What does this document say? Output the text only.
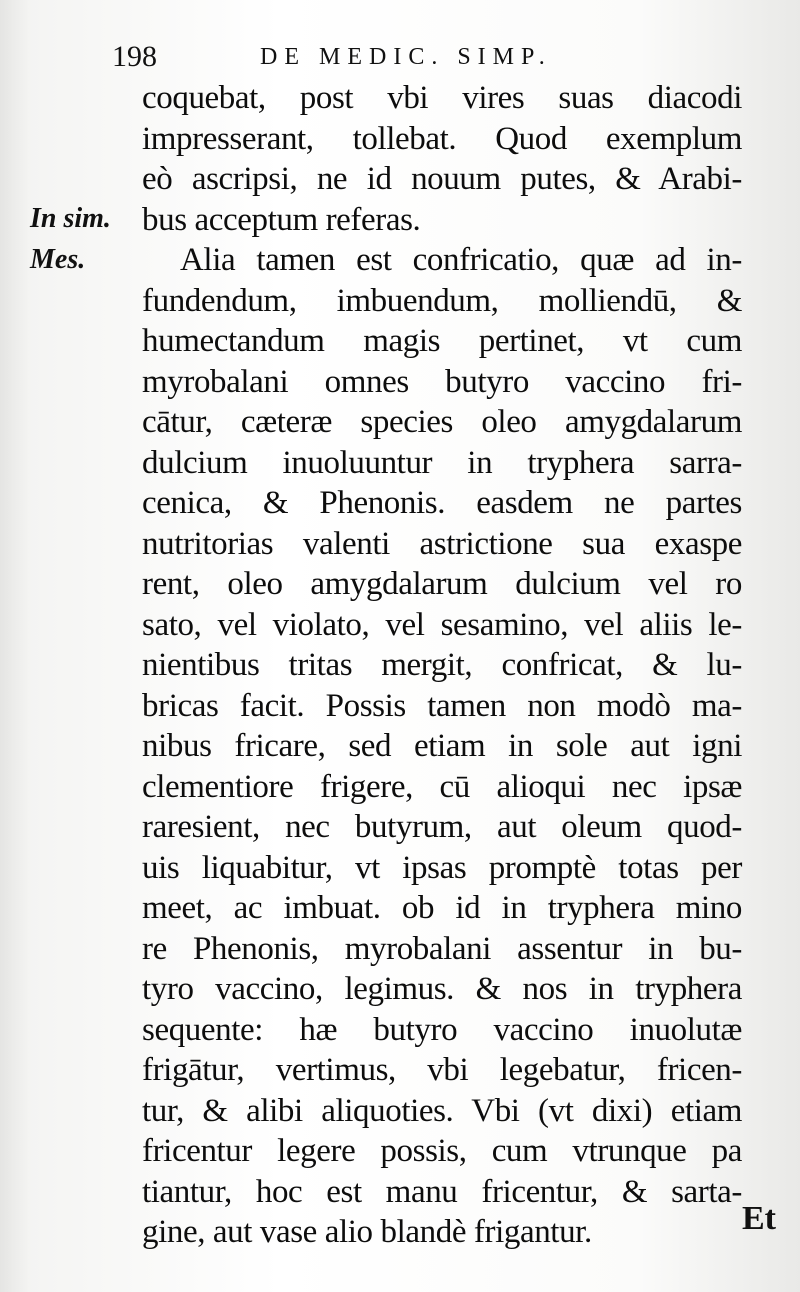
198	DE MEDIC. SIMP.
In sim.
Mes.
coquebat, post vbi vires suas diacodi
impresserant, tollebat. Quod exemplum
eò ascripsi, ne id nouum putes, & Arabi-
bus acceptum referas.
Alia tamen est confricatio, quæ ad in-
fundendum, imbuendum, molliendū, &
humectandum magis pertinet, vt cum
myrobalani omnes butyro vaccino fri-
cātur, cæteræ species oleo amygdalarum
dulcium inuoluuntur in tryphera sarra-
cenica, & Phenonis. easdem ne partes
nutritorias valenti astrictione sua exaspe
rent, oleo amygdalarum dulcium vel ro
sato, vel violato, vel sesamino, vel aliis le-
nientibus tritas mergit, confricat, & lu-
bricas facit. Possis tamen non modò ma-
nibus fricare, sed etiam in sole aut igni
clementiore frigere, cū alioqui nec ipsæ
raresient, nec butyrum, aut oleum quod-
uis liquabitur, vt ipsas promptè totas per
meet, ac imbuat. ob id in tryphera mino
re Phenonis, myrobalani assentur in bu-
tyro vaccino, legimus. & nos in tryphera
sequente: hæ butyro vaccino inuolutæ
frigātur, vertimus, vbi legebatur, fricen-
tur, & alibi aliquoties. Vbi (vt dixi) etiam
fricentur legere possis, cum vtrunque pa
tiantur, hoc est manu fricentur, & sarta-
gine, aut vase alio blandè frigantur.	Et
